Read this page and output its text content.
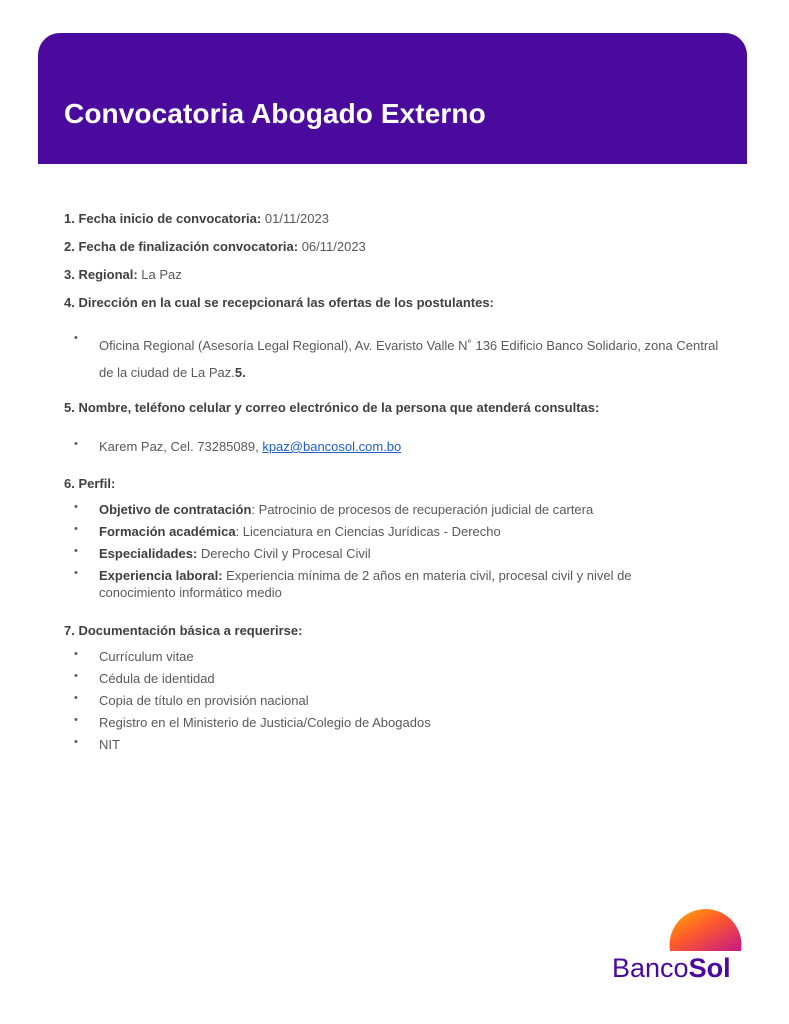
Convocatoria Abogado Externo
1. Fecha inicio de convocatoria: 01/11/2023
2. Fecha de finalización convocatoria: 06/11/2023
3. Regional: La Paz
4. Dirección en la cual se recepcionará las ofertas de los postulantes:
• Oficina Regional (Asesoría Legal Regional), Av. Evaristo Valle N˚ 136 Edificio Banco Solidario, zona Central de la ciudad de La Paz.5.
5. Nombre, teléfono celular y correo electrónico de la persona que atenderá consultas:
• Karem Paz, Cel. 73285089, kpaz@bancosol.com.bo
6. Perfil:
• Objetivo de contratación: Patrocinio de procesos de recuperación judicial de cartera
• Formación académica: Licenciatura en Ciencias Jurídicas - Derecho
• Especialidades: Derecho Civil y Procesal Civil
• Experiencia laboral: Experiencia mínima de 2 años en materia civil, procesal civil y nivel de conocimiento informático medio
7. Documentación básica a requerirse:
• Currículum vitae
• Cédula de identidad
• Copia de título en provisión nacional
• Registro en el Ministerio de Justicia/Colegio de Abogados
• NIT
BancoSol
